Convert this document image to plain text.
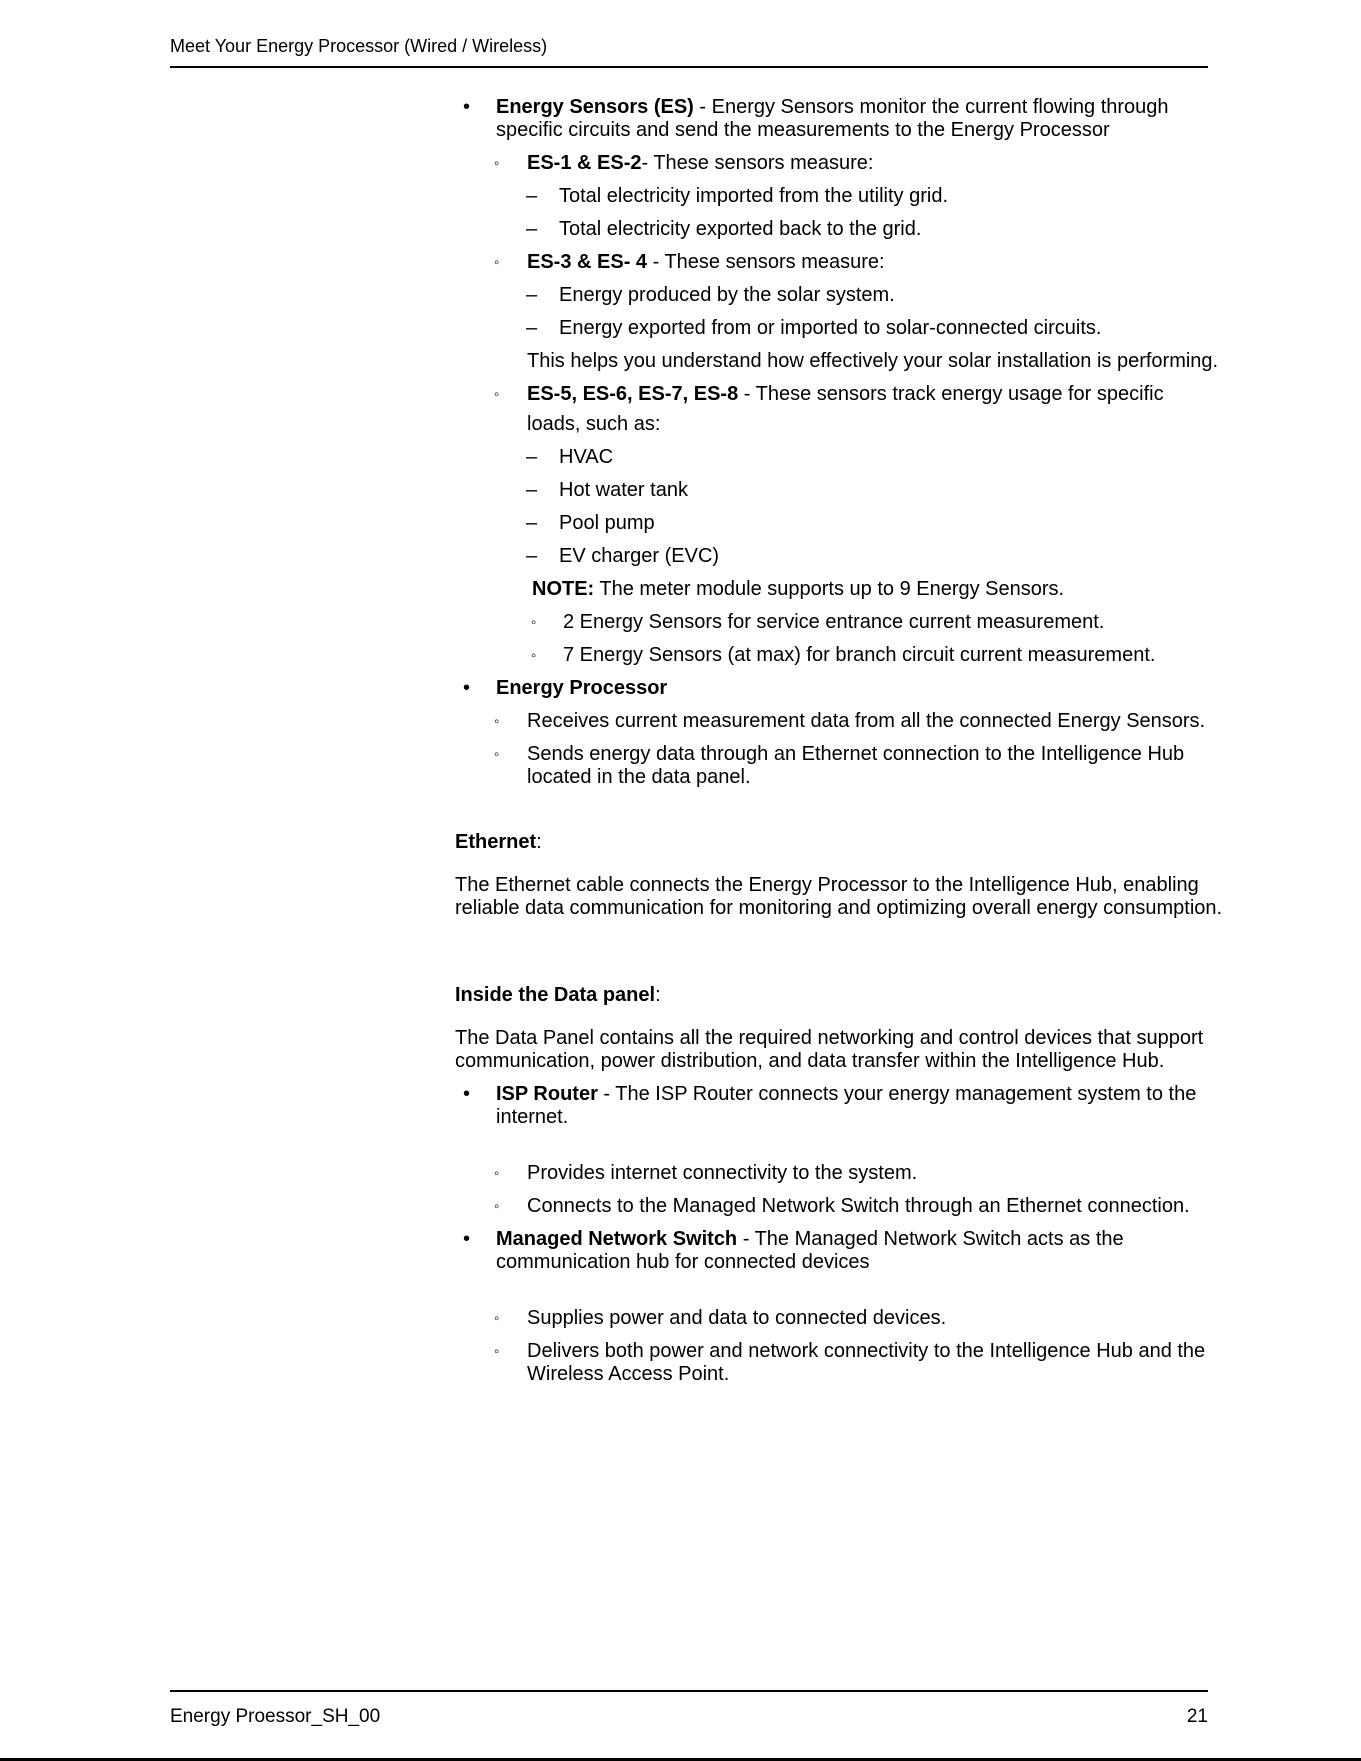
Meet Your Energy Processor (Wired / Wireless)
• Energy Sensors (ES) - Energy Sensors monitor the current flowing through specific circuits and send the measurements to the Energy Processor
◦ ES-1 & ES-2- These sensors measure:
– Total electricity imported from the utility grid.
– Total electricity exported back to the grid.
◦ ES-3 & ES- 4 - These sensors measure:
– Energy produced by the solar system.
– Energy exported from or imported to solar-connected circuits.
This helps you understand how effectively your solar installation is performing.
◦ ES-5, ES-6, ES-7, ES-8 - These sensors track energy usage for specific
loads, such as:
– HVAC
– Hot water tank
– Pool pump
– EV charger (EVC)
NOTE: The meter module supports up to 9 Energy Sensors.
◦ 2 Energy Sensors for service entrance current measurement.
◦ 7 Energy Sensors (at max) for branch circuit current measurement.
• Energy Processor
◦ Receives current measurement data from all the connected Energy Sensors.
◦ Sends energy data through an Ethernet connection to the Intelligence Hub located in the data panel.

Ethernet:

The Ethernet cable connects the Energy Processor to the Intelligence Hub, enabling reliable data communication for monitoring and optimizing overall energy consumption.

Inside the Data panel:

The Data Panel contains all the required networking and control devices that support communication, power distribution, and data transfer within the Intelligence Hub.

• ISP Router - The ISP Router connects your energy management system to the internet.
◦ Provides internet connectivity to the system.
◦ Connects to the Managed Network Switch through an Ethernet connection.
• Managed Network Switch - The Managed Network Switch acts as the communication hub for connected devices
◦ Supplies power and data to connected devices.
◦ Delivers both power and network connectivity to the Intelligence Hub and the Wireless Access Point.
Energy Proessor_SH_00	21
